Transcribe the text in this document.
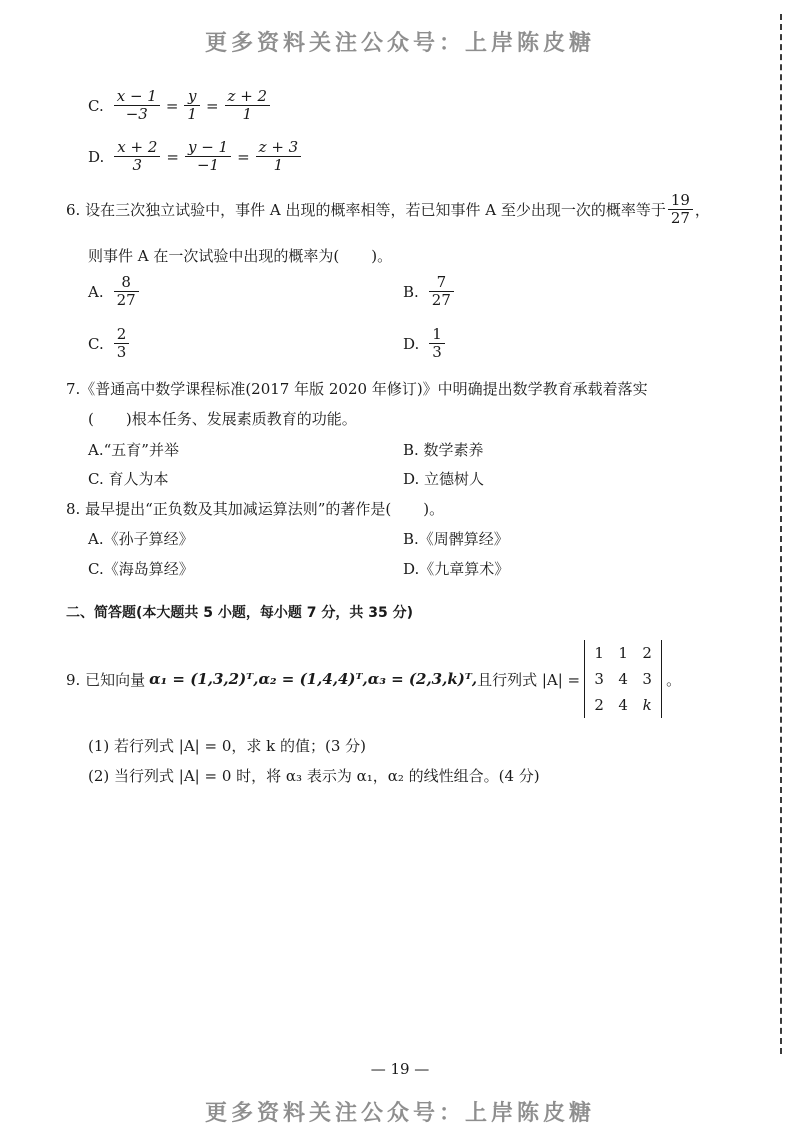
更多资料关注公众号：上岸陈皮糖
C. $\frac{x - 1}{-3} = \frac{y}{1} = \frac{z + 2}{1}$
D. $\frac{x + 2}{3} = \frac{y - 1}{-1} = \frac{z + 3}{1}$
6. 设在三次独立试验中，事件 A 出现的概率相等，若已知事件 A 至少出现一次的概率等于 $\frac{19}{27}$ ，
则事件 A 在一次试验中出现的概率为( )。
A. $\frac{8}{27}$	B. $\frac{7}{27}$
C. $\frac{2}{3}$	D. $\frac{1}{3}$
7.《普通高中数学课程标准(2017 年版 2020 年修订)》中明确提出数学教育承载着落实
( )根本任务、发展素质教育的功能。
A.“五育”并举	B. 数学素养
C. 育人为本	D. 立德树人
8. 最早提出“正负数及其加减运算法则”的著作是( )。
A.《孙子算经》	B.《周髀算经》
C.《海岛算经》	D.《九章算术》
二、简答题(本大题共 5 小题，每小题 7 分，共 35 分)
9. 已知向量 α₁ = (1,3,2)ᵀ, α₂ = (1,4,4)ᵀ, α₃ = (2,3,k)ᵀ, 且行列式 |A| =
1 1 2
3 4 3
2 4 k
。
(1) 若行列式 |A| = 0，求 k 的值；(3 分)
(2) 当行列式 |A| = 0 时，将 α₃ 表示为 α₁，α₂ 的线性组合。(4 分)
— 19 —
更多资料关注公众号：上岸陈皮糖
